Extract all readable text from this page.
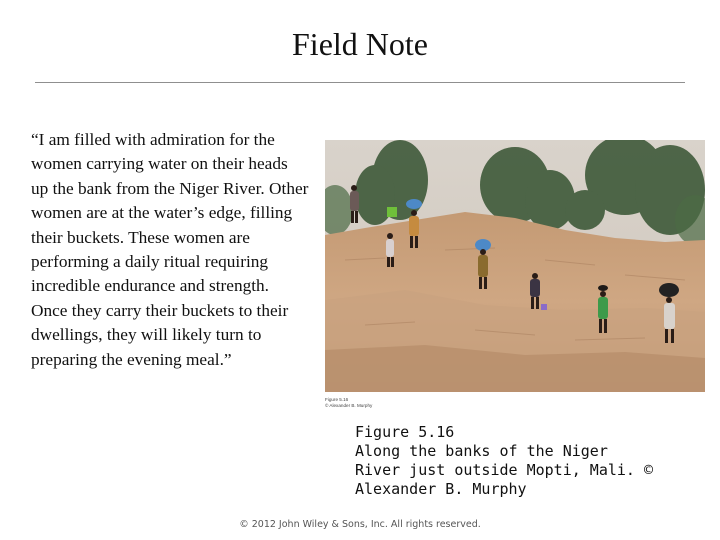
Field Note
“I am filled with admiration for the women carrying water on their heads up the bank from the Niger River. Other women are at the water’s edge, filling their buckets. These women are performing a daily ritual requiring incredible endurance and strength. Once they carry their buckets to their dwellings, they will likely turn to preparing the evening meal.”
Figure 5.16
© Alexander B. Murphy
Figure 5.16
Along the banks of the Niger
River just outside Mopti, Mali. ©
Alexander B. Murphy
© 2012 John Wiley & Sons, Inc. All rights reserved.
